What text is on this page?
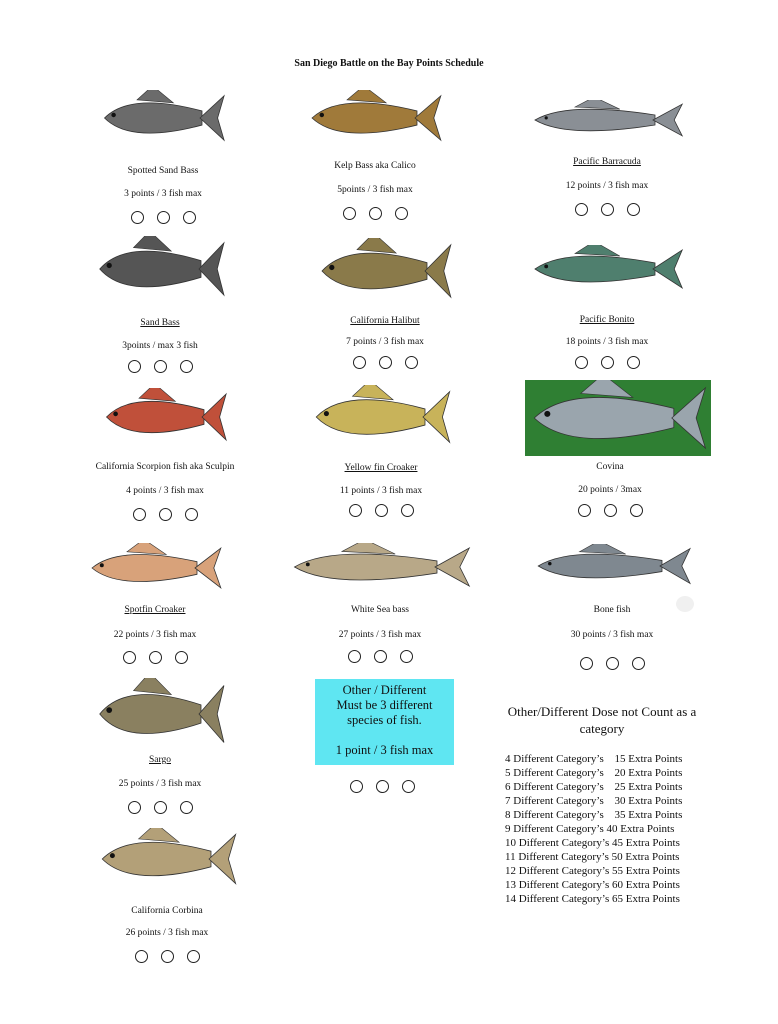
San Diego Battle on the Bay Points Schedule
Spotted Sand Bass
3 points / 3 fish max
Kelp Bass aka Calico
5points / 3 fish max
Pacific Barracuda
12 points / 3 fish max
Sand Bass
3points / max 3 fish
California Halibut
7 points / 3 fish max
Pacific Bonito
18 points / 3 fish max
California Scorpion fish aka Sculpin
4 points / 3 fish max
Yellow fin Croaker
11 points / 3 fish max
Covina
20 points / 3max
Spotfin Croaker
22 points / 3 fish max
White Sea bass
27 points / 3 fish max
Bone fish
30 points / 3 fish max
Sargo
25 points / 3 fish max
California Corbina
26 points / 3 fish max
Other / Different
Must be 3 different
species of fish.
1 point / 3 fish max
Other/Different Dose not Count as a category
4 Different Category’s 15 Extra Points
5 Different Category’s 20 Extra Points
6 Different Category’s 25 Extra Points
7 Different Category’s 30 Extra Points
8 Different Category’s 35 Extra Points
9 Different Category’s 40 Extra Points
10 Different Category’s 45 Extra Points
11 Different Category’s 50 Extra Points
12 Different Category’s 55 Extra Points
13 Different Category’s 60 Extra Points
14 Different Category’s 65 Extra Points
